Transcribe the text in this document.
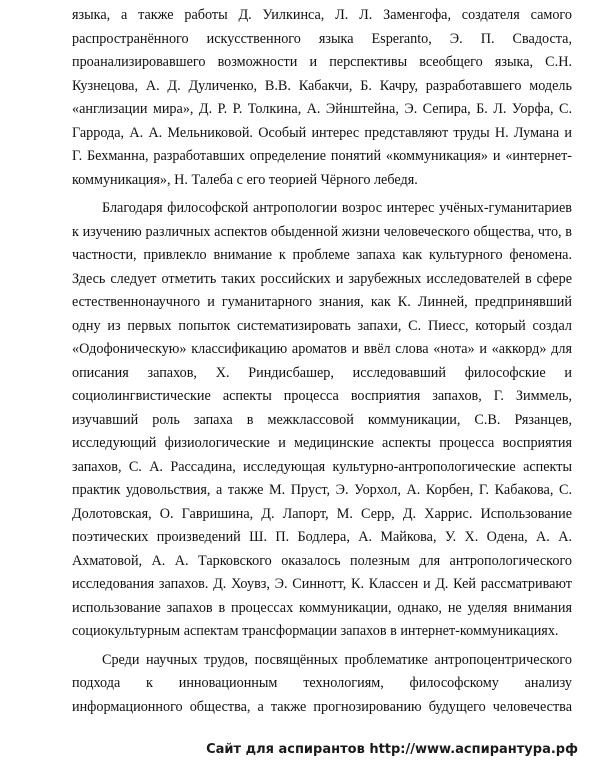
языка, а также работы Д. Уилкинса, Л. Л. Заменгофа, создателя самого
распространённого искусственного языка Esperanto, Э. П. Свадоста,
проанализировавшего возможности и перспективы всеобщего языка, С.Н.
Кузнецова, А. Д. Дуличенко, В.В. Кабакчи, Б. Качру, разработавшего модель
«англизации мира», Д. Р. Р. Толкина, А. Эйнштейна, Э. Сепира, Б. Л. Уорфа, С.
Гаррода, А. А. Мельниковой. Особый интерес представляют труды Н. Лумана и
Г. Бехманна, разработавших определение понятий «коммуникация» и «интернет-
коммуникация», Н. Талеба с его теорией Чёрного лебедя.

Благодаря философской антропологии возрос интерес учёных-гуманитариев
к изучению различных аспектов обыденной жизни человеческого общества, что, в
частности, привлекло внимание к проблеме запаха как культурного феномена.
Здесь следует отметить таких российских и зарубежных исследователей в сфере
естественнонаучного и гуманитарного знания, как К. Линней, предпринявший
одну из первых попыток систематизировать запахи, С. Пиесс, который создал
«Одофоническую» классификацию ароматов и ввёл слова «нота» и «аккорд» для
описания запахов, Х. Риндисбашер, исследовавший философские и
социолингвистические аспекты процесса восприятия запахов, Г. Зиммель,
изучавший роль запаха в межклассовой коммуникации, С.В. Рязанцев,
исследующий физиологические и медицинские аспекты процесса восприятия
запахов, С. А. Рассадина, исследующая культурно-антропологические аспекты
практик удовольствия, а также М. Пруст, Э. Уорхол, А. Корбен, Г. Кабакова, С.
Долотовская, О. Гавришина, Д. Лапорт, М. Серр, Д. Харрис. Использование
поэтических произведений Ш. П. Бодлера, А. Майкова, У. Х. Одена, А. А.
Ахматовой, А. А. Тарковского оказалось полезным для антропологического
исследования запахов. Д. Хоувз, Э. Синнотт, К. Классен и Д. Кей рассматривают
использование запахов в процессах коммуникации, однако, не уделяя внимания
социокультурным аспектам трансформации запахов в интернет-коммуникациях.

Среди научных трудов, посвящённых проблематике антропоцентрического
подхода к инновационным технологиям, философскому анализу
информационного общества, а также прогнозированию будущего человечества

Сайт для аспирантов http://www.аспирантура.рф
